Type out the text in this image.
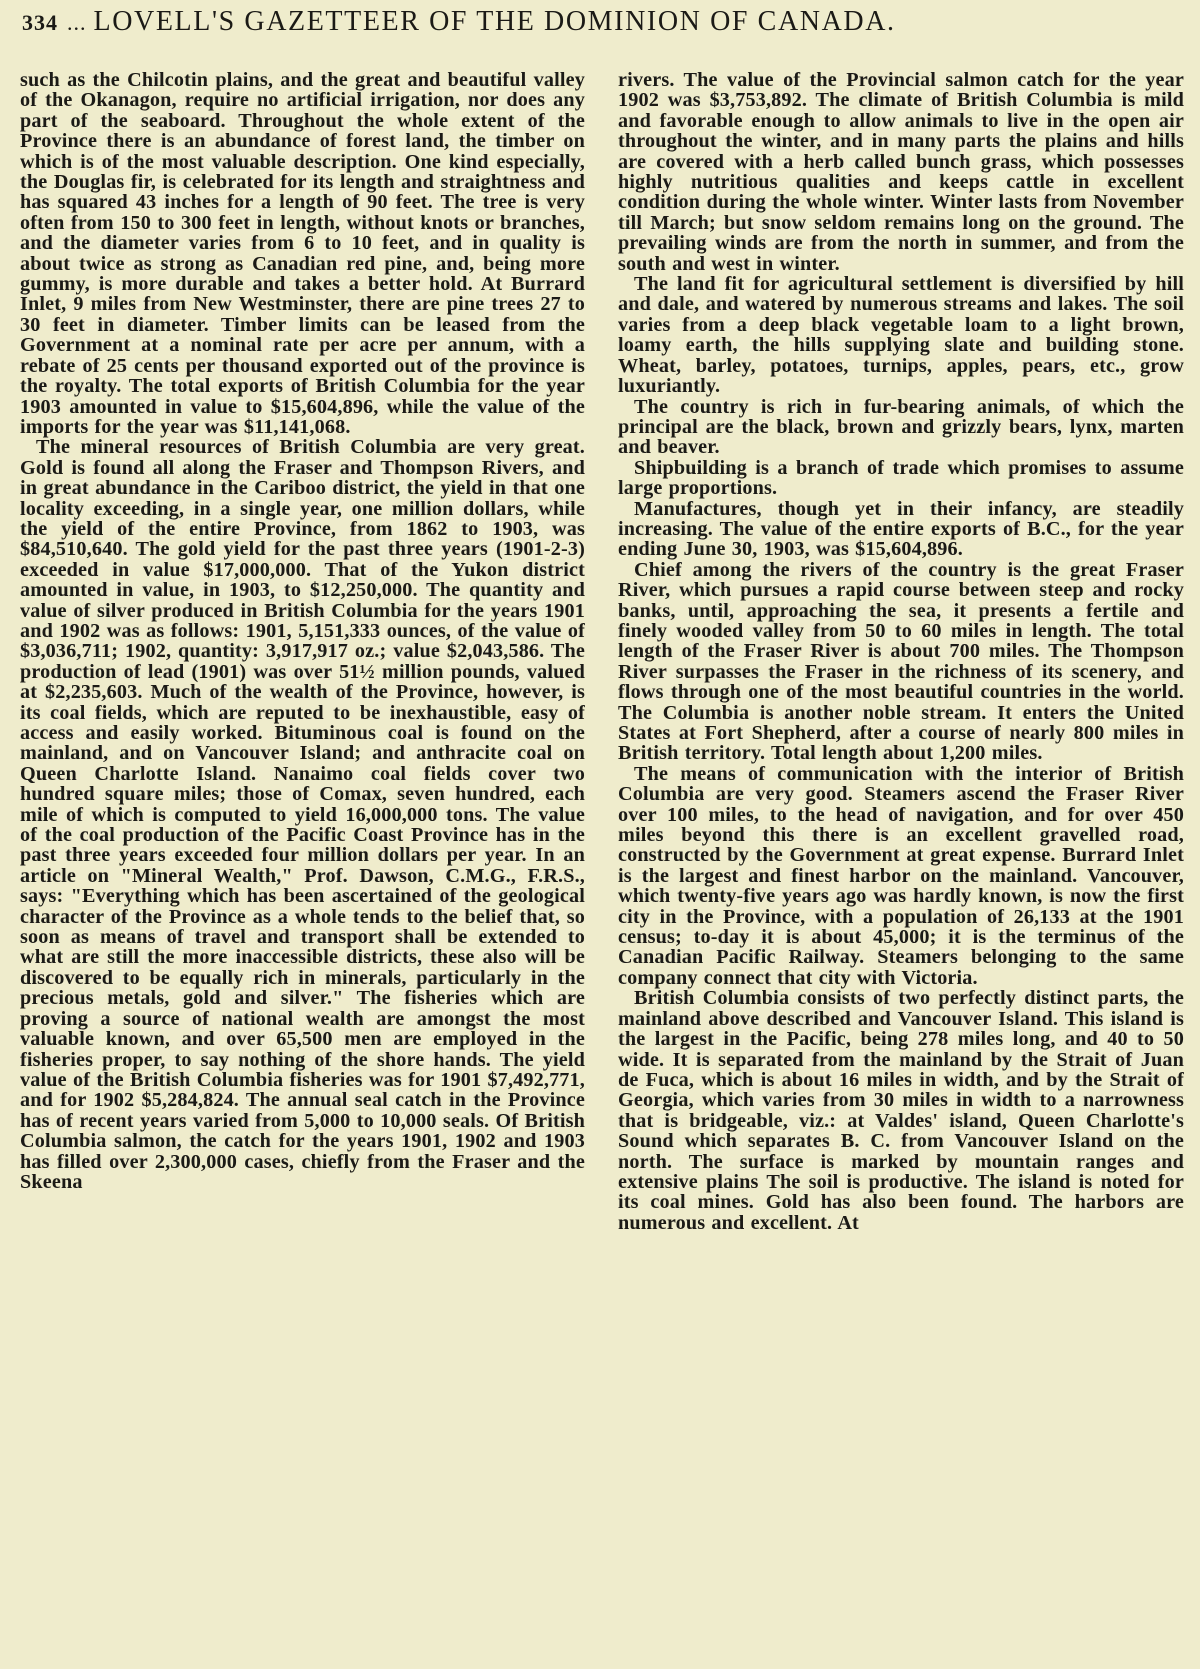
334 ... LOVELL'S GAZETTEER OF THE DOMINION OF CANADA.

such as the Chilcotin plains, and the great and beautiful valley of the Okanagon, require no artificial irrigation, nor does any part of the seaboard. Throughout the whole extent of the Province there is an abundance of forest land, the timber on which is of the most valuable description. One kind especially, the Douglas fir, is celebrated for its length and straightness and has squared 43 inches for a length of 90 feet. The tree is very often from 150 to 300 feet in length, without knots or branches, and the diameter varies from 6 to 10 feet, and in quality is about twice as strong as Canadian red pine, and, being more gummy, is more durable and takes a better hold. At Burrard Inlet, 9 miles from New Westminster, there are pine trees 27 to 30 feet in diameter. Timber limits can be leased from the Government at a nominal rate per acre per annum, with a rebate of 25 cents per thousand exported out of the province is the royalty. The total exports of British Columbia for the year 1903 amounted in value to $15,604,896, while the value of the imports for the year was $11,141,068.

The mineral resources of British Columbia are very great. Gold is found all along the Fraser and Thompson Rivers, and in great abundance in the Cariboo district, the yield in that one locality exceeding, in a single year, one million dollars, while the yield of the entire Province, from 1862 to 1903, was $84,510,640. The gold yield for the past three years (1901-2-3) exceeded in value $17,000,000. That of the Yukon district amounted in value, in 1903, to $12,250,000. The quantity and value of silver produced in British Columbia for the years 1901 and 1902 was as follows: 1901, 5,151,333 ounces, of the value of $3,036,711; 1902, quantity: 3,917,917 oz.; value $2,043,586. The production of lead (1901) was over 51½ million pounds, valued at $2,235,603. Much of the wealth of the Province, however, is its coal fields, which are reputed to be inexhaustible, easy of access and easily worked. Bituminous coal is found on the mainland, and on Vancouver Island; and anthracite coal on Queen Charlotte Island. Nanaimo coal fields cover two hundred square miles; those of Comax, seven hundred, each mile of which is computed to yield 16,000,000 tons. The value of the coal production of the Pacific Coast Province has in the past three years exceeded four million dollars per year. In an article on "Mineral Wealth," Prof. Dawson, C.M.G., F.R.S., says: "Everything which has been ascertained of the geological character of the Province as a whole tends to the belief that, so soon as means of travel and transport shall be extended to what are still the more inaccessible districts, these also will be discovered to be equally rich in minerals, particularly in the precious metals, gold and silver." The fisheries which are proving a source of national wealth are amongst the most valuable known, and over 65,500 men are employed in the fisheries proper, to say nothing of the shore hands. The yield value of the British Columbia fisheries was for 1901 $7,492,771, and for 1902 $5,284,824. The annual seal catch in the Province has of recent years varied from 5,000 to 10,000 seals. Of British Columbia salmon, the catch for the years 1901, 1902 and 1903 has filled over 2,300,000 cases, chiefly from the Fraser and the Skeena

rivers. The value of the Provincial salmon catch for the year 1902 was $3,753,892. The climate of British Columbia is mild and favorable enough to allow animals to live in the open air throughout the winter, and in many parts the plains and hills are covered with a herb called bunch grass, which possesses highly nutritious qualities and keeps cattle in excellent condition during the whole winter. Winter lasts from November till March; but snow seldom remains long on the ground. The prevailing winds are from the north in summer, and from the south and west in winter.

The land fit for agricultural settlement is diversified by hill and dale, and watered by numerous streams and lakes. The soil varies from a deep black vegetable loam to a light brown, loamy earth, the hills supplying slate and building stone. Wheat, barley, potatoes, turnips, apples, pears, etc., grow luxuriantly.

The country is rich in fur-bearing animals, of which the principal are the black, brown and grizzly bears, lynx, marten and beaver.

Shipbuilding is a branch of trade which promises to assume large proportions.

Manufactures, though yet in their infancy, are steadily increasing. The value of the entire exports of B.C., for the year ending June 30, 1903, was $15,604,896.

Chief among the rivers of the country is the great Fraser River, which pursues a rapid course between steep and rocky banks, until, approaching the sea, it presents a fertile and finely wooded valley from 50 to 60 miles in length. The total length of the Fraser River is about 700 miles. The Thompson River surpasses the Fraser in the richness of its scenery, and flows through one of the most beautiful countries in the world. The Columbia is another noble stream. It enters the United States at Fort Shepherd, after a course of nearly 800 miles in British territory. Total length about 1,200 miles.

The means of communication with the interior of British Columbia are very good. Steamers ascend the Fraser River over 100 miles, to the head of navigation, and for over 450 miles beyond this there is an excellent gravelled road, constructed by the Government at great expense. Burrard Inlet is the largest and finest harbor on the mainland. Vancouver, which twenty-five years ago was hardly known, is now the first city in the Province, with a population of 26,133 at the 1901 census; to-day it is about 45,000; it is the terminus of the Canadian Pacific Railway. Steamers belonging to the same company connect that city with Victoria.

British Columbia consists of two perfectly distinct parts, the mainland above described and Vancouver Island. This island is the largest in the Pacific, being 278 miles long, and 40 to 50 wide. It is separated from the mainland by the Strait of Juan de Fuca, which is about 16 miles in width, and by the Strait of Georgia, which varies from 30 miles in width to a narrowness that is bridgeable, viz.: at Valdes' island, Queen Charlotte's Sound which separates B. C. from Vancouver Island on the north. The surface is marked by mountain ranges and extensive plains The soil is productive. The island is noted for its coal mines. Gold has also been found. The harbors are numerous and excellent. At
